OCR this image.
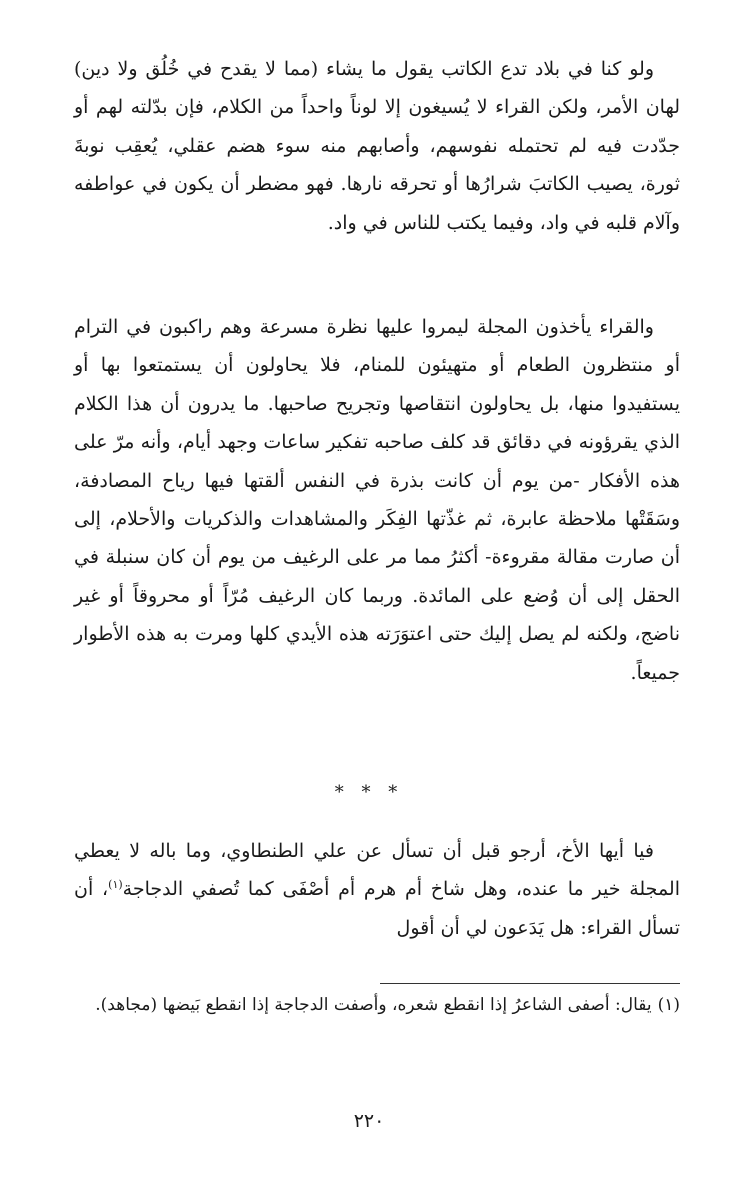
ولو كنا في بلاد تدع الكاتب يقول ما يشاء (مما لا يقدح في خُلُق ولا دين) لهان الأمر، ولكن القراء لا يُسيغون إلا لوناً واحداً من الكلام، فإن بدّلته لهم أو جدّدت فيه لم تحتمله نفوسهم، وأصابهم منه سوء هضم عقلي، يُعقِب نوبةَ ثورة، يصيب الكاتبَ شرارُها أو تحرقه نارها. فهو مضطر أن يكون في عواطفه وآلام قلبه في واد، وفيما يكتب للناس في واد.

والقراء يأخذون المجلة ليمروا عليها نظرة مسرعة وهم راكبون في الترام أو منتظرون الطعام أو متهيئون للمنام، فلا يحاولون أن يستمتعوا بها أو يستفيدوا منها، بل يحاولون انتقاصها وتجريح صاحبها. ما يدرون أن هذا الكلام الذي يقرؤونه في دقائق قد كلف صاحبه تفكير ساعات وجهد أيام، وأنه مرّ على هذه الأفكار -من يوم أن كانت بذرة في النفس ألقتها فيها رياح المصادفة، وسَقَتْها ملاحظة عابرة، ثم غذّتها الفِكَر والمشاهدات والذكريات والأحلام، إلى أن صارت مقالة مقروءة- أكثرُ مما مر على الرغيف من يوم أن كان سنبلة في الحقل إلى أن وُضع على المائدة. وربما كان الرغيف مُرّاً أو محروقاً أو غير ناضج، ولكنه لم يصل إليك حتى اعتوَرَته هذه الأيدي كلها ومرت به هذه الأطوار جميعاً.

* * *

فيا أيها الأخ، أرجو قبل أن تسأل عن علي الطنطاوي، وما باله لا يعطي المجلة خير ما عنده، وهل شاخ أم هرم أم أصْفَى كما تُصفي الدجاجة$^{(١)}$، أن تسأل القراء: هل يَدَعون لي أن أقول

(١)يقال: أصفى الشاعرُ إذا انقطع شعره، وأصفت الدجاجة إذا انقطع بَيضها (مجاهد).

٢٢٠
